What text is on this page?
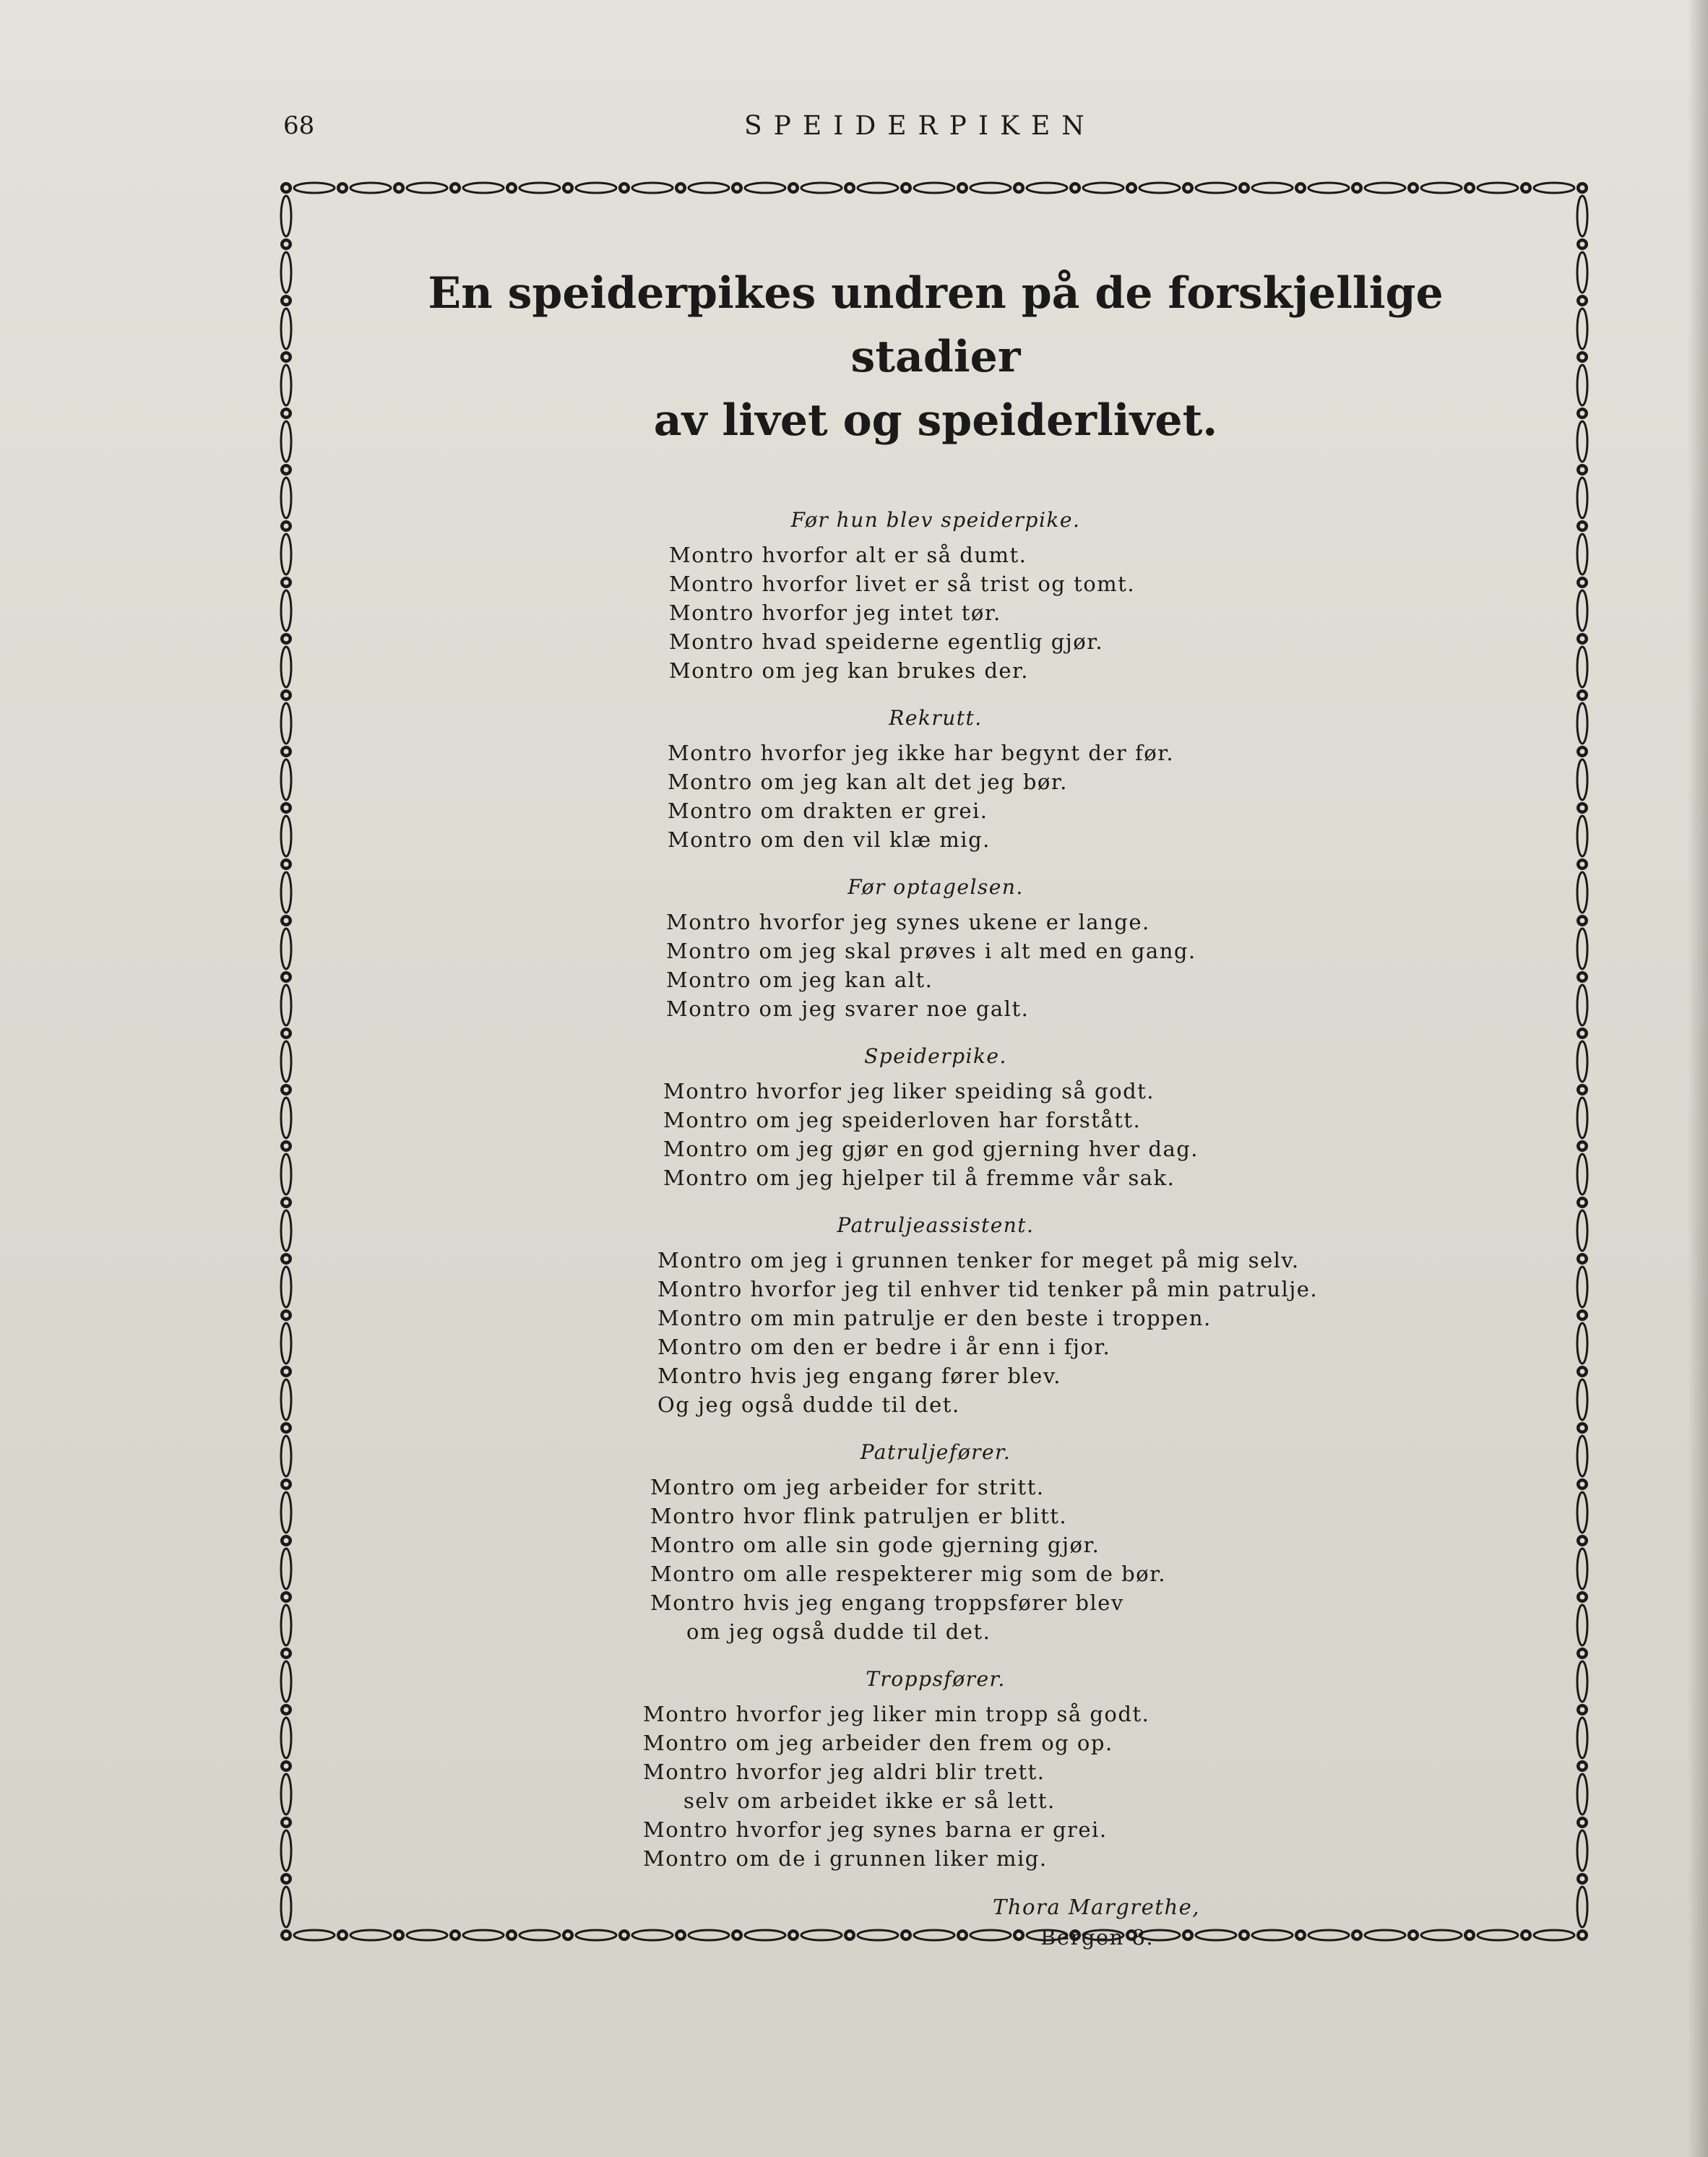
68	SPEIDERPIKEN
En speiderpikes undren på de forskjellige stadier
av livet og speiderlivet.
Før hun blev speiderpike.
Montro hvorfor alt er så dumt.
Montro hvorfor livet er så trist og tomt.
Montro hvorfor jeg intet tør.
Montro hvad speiderne egentlig gjør.
Montro om jeg kan brukes der.
Rekrutt.
Montro hvorfor jeg ikke har begynt der før.
Montro om jeg kan alt det jeg bør.
Montro om drakten er grei.
Montro om den vil klæ mig.
Før optagelsen.
Montro hvorfor jeg synes ukene er lange.
Montro om jeg skal prøves i alt med en gang.
Montro om jeg kan alt.
Montro om jeg svarer noe galt.
Speiderpike.
Montro hvorfor jeg liker speiding så godt.
Montro om jeg speiderloven har forstått.
Montro om jeg gjør en god gjerning hver dag.
Montro om jeg hjelper til å fremme vår sak.
Patruljeassistent.
Montro om jeg i grunnen tenker for meget på mig selv.
Montro hvorfor jeg til enhver tid tenker på min patrulje.
Montro om min patrulje er den beste i troppen.
Montro om den er bedre i år enn i fjor.
Montro hvis jeg engang fører blev.
Og jeg også dudde til det.
Patruljefører.
Montro om jeg arbeider for stritt.
Montro hvor flink patruljen er blitt.
Montro om alle sin gode gjerning gjør.
Montro om alle respekterer mig som de bør.
Montro hvis jeg engang troppsfører blev
om jeg også dudde til det.
Troppsfører.
Montro hvorfor jeg liker min tropp så godt.
Montro om jeg arbeider den frem og op.
Montro hvorfor jeg aldri blir trett.
selv om arbeidet ikke er så lett.
Montro hvorfor jeg synes barna er grei.
Montro om de i grunnen liker mig.
Thora Margrethe,
Bergen 8.
